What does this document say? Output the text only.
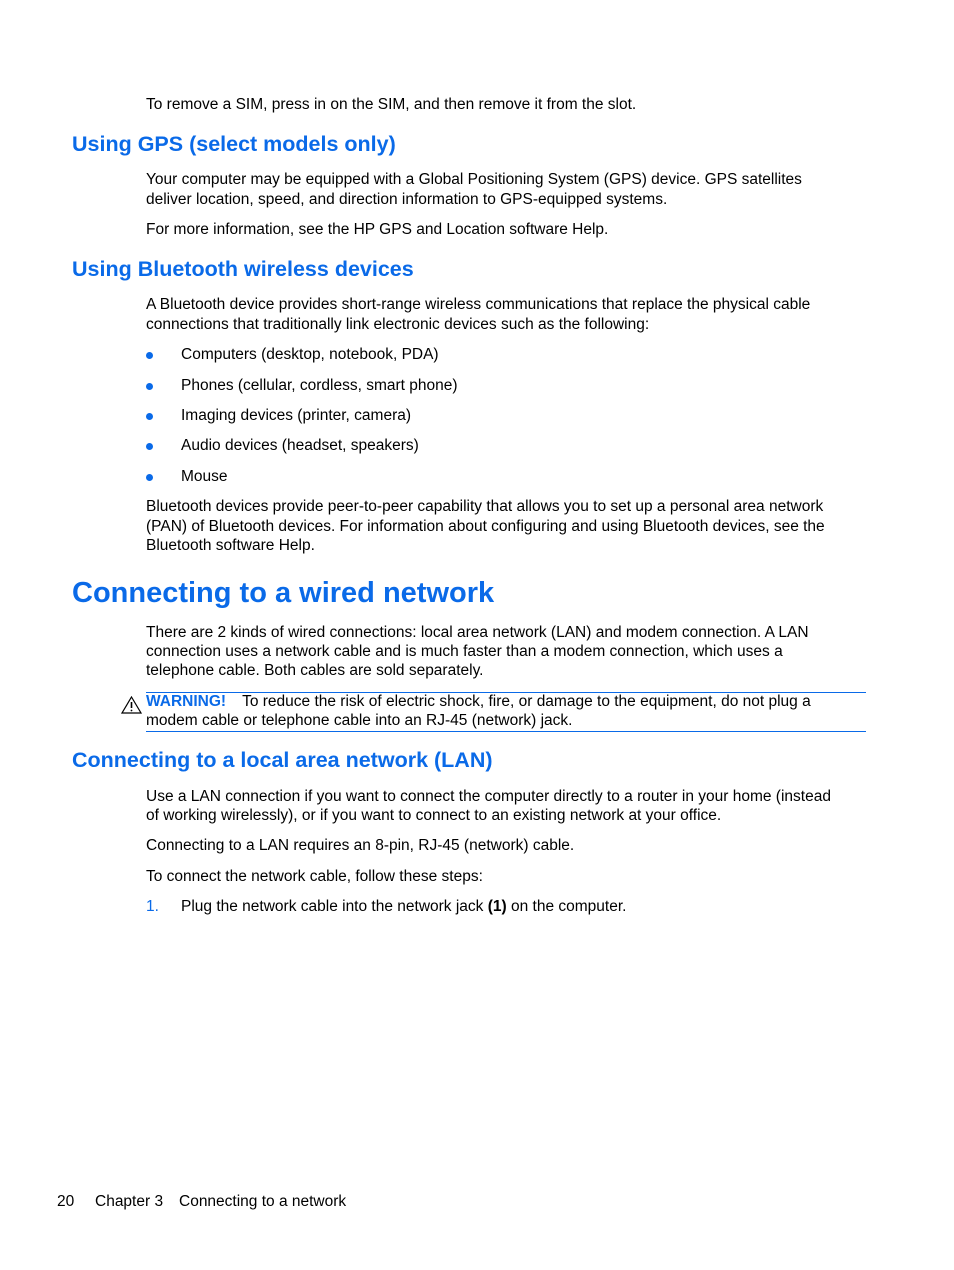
To remove a SIM, press in on the SIM, and then remove it from the slot.
Using GPS (select models only)
Your computer may be equipped with a Global Positioning System (GPS) device. GPS satellites
deliver location, speed, and direction information to GPS-equipped systems.
For more information, see the HP GPS and Location software Help.
Using Bluetooth wireless devices
A Bluetooth device provides short-range wireless communications that replace the physical cable
connections that traditionally link electronic devices such as the following:
Computers (desktop, notebook, PDA)
Phones (cellular, cordless, smart phone)
Imaging devices (printer, camera)
Audio devices (headset, speakers)
Mouse
Bluetooth devices provide peer-to-peer capability that allows you to set up a personal area network
(PAN) of Bluetooth devices. For information about configuring and using Bluetooth devices, see the
Bluetooth software Help.
Connecting to a wired network
There are 2 kinds of wired connections: local area network (LAN) and modem connection. A LAN
connection uses a network cable and is much faster than a modem connection, which uses a
telephone cable. Both cables are sold separately.
WARNING! To reduce the risk of electric shock, fire, or damage to the equipment, do not plug a
modem cable or telephone cable into an RJ-45 (network) jack.
Connecting to a local area network (LAN)
Use a LAN connection if you want to connect the computer directly to a router in your home (instead
of working wirelessly), or if you want to connect to an existing network at your office.
Connecting to a LAN requires an 8-pin, RJ-45 (network) cable.
To connect the network cable, follow these steps:
1. Plug the network cable into the network jack (1) on the computer.
20 Chapter 3 Connecting to a network
